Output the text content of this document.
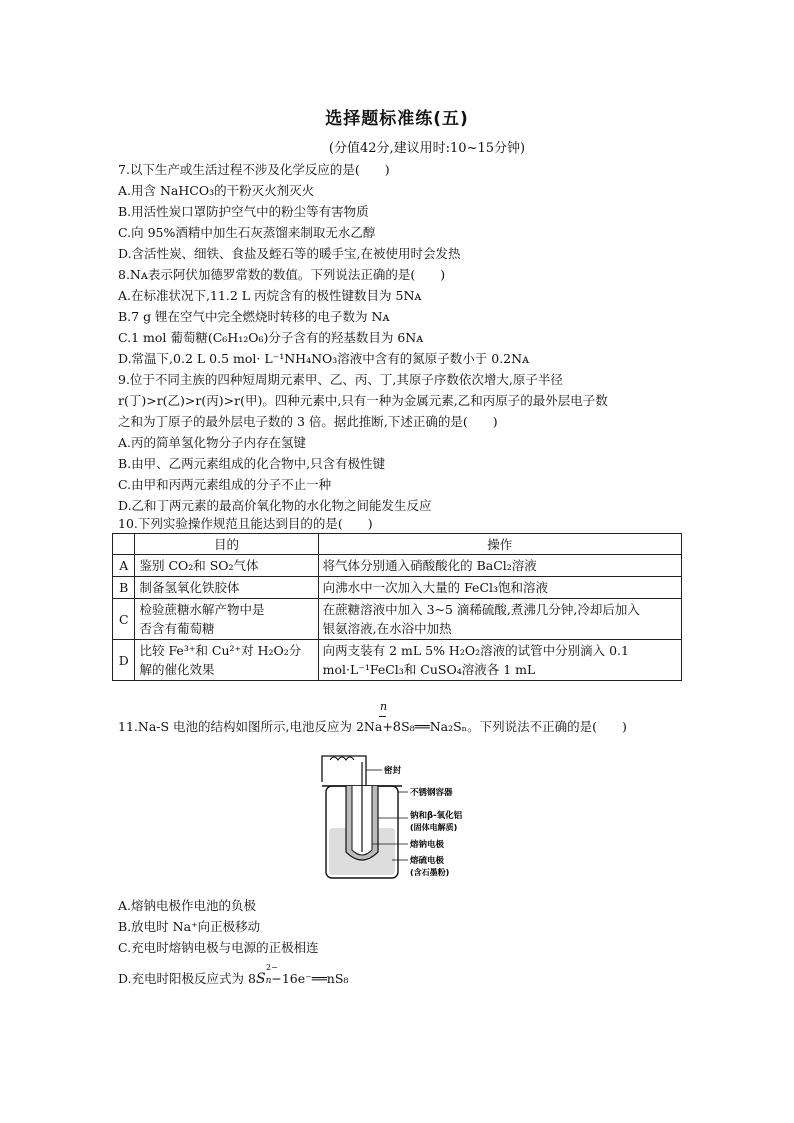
选择题标准练(五)
(分值42分,建议用时:10~15分钟)
7.以下生产或生活过程不涉及化学反应的是(　　)
A.用含 NaHCO₃的干粉灭火剂灭火
B.用活性炭口罩防护空气中的粉尘等有害物质
C.向 95%酒精中加生石灰蒸馏来制取无水乙醇
D.含活性炭、细铁、食盐及蛭石等的暖手宝,在被使用时会发热
8.Nᴀ表示阿伏加德罗常数的数值。下列说法正确的是(　　)
A.在标准状况下,11.2 L 丙烷含有的极性键数目为 5Nᴀ
B.7 g 锂在空气中完全燃烧时转移的电子数为 Nᴀ
C.1 mol 葡萄糖(C₆H₁₂O₆)分子含有的羟基数目为 6Nᴀ
D.常温下,0.2 L 0.5 mol· L⁻¹NH₄NO₃溶液中含有的氮原子数小于 0.2Nᴀ
9.位于不同主族的四种短周期元素甲、乙、丙、丁,其原子序数依次增大,原子半径
r(丁)>r(乙)>r(丙)>r(甲)。四种元素中,只有一种为金属元素,乙和丙原子的最外层电子数
之和为丁原子的最外层电子数的 3 倍。据此推断,下述正确的是(　　)
A.丙的简单氢化物分子内存在氢键
B.由甲、乙两元素组成的化合物中,只含有极性键
C.由甲和丙两元素组成的分子不止一种
D.乙和丁两元素的最高价氧化物的水化物之间能发生反应
10.下列实验操作规范且能达到目的的是(　　)
	目的	操作
A	鉴别 CO₂和 SO₂气体	将气体分别通入硝酸酸化的 BaCl₂溶液

B	制备氢氧化铁胶体	向沸水中一次加入大量的 FeCl₃饱和溶液

C	检验蔗糖水解产物中是
否含有葡萄糖	在蔗糖溶液中加入 3~5 滴稀硫酸,煮沸几分钟,冷却后加入
银氨溶液,在水浴中加热

D	比较 Fe³⁺和 Cu²⁺对 H₂O₂分
解的催化效果	向两支装有 2 mL 5% H₂O₂溶液的试管中分别滴入 0.1
mol·L⁻¹FeCl₃和 CuSO₄溶液各 1 mL
n
11.Na-S 电池的结构如图所示,电池反应为 2Na+8S₈══Na₂Sₙ。下列说法不正确的是(　　)
密封
不锈钢容器
钠和β-氧化铝
(固体电解质)
熔钠电极
熔硫电极
(含石墨粉)
A.熔钠电极作电池的负极
B.放电时 Na⁺向正极移动
C.充电时熔钠电极与电源的正极相连
D.充电时阳极反应式为 8S
2−
n−16e⁻══nS₈
